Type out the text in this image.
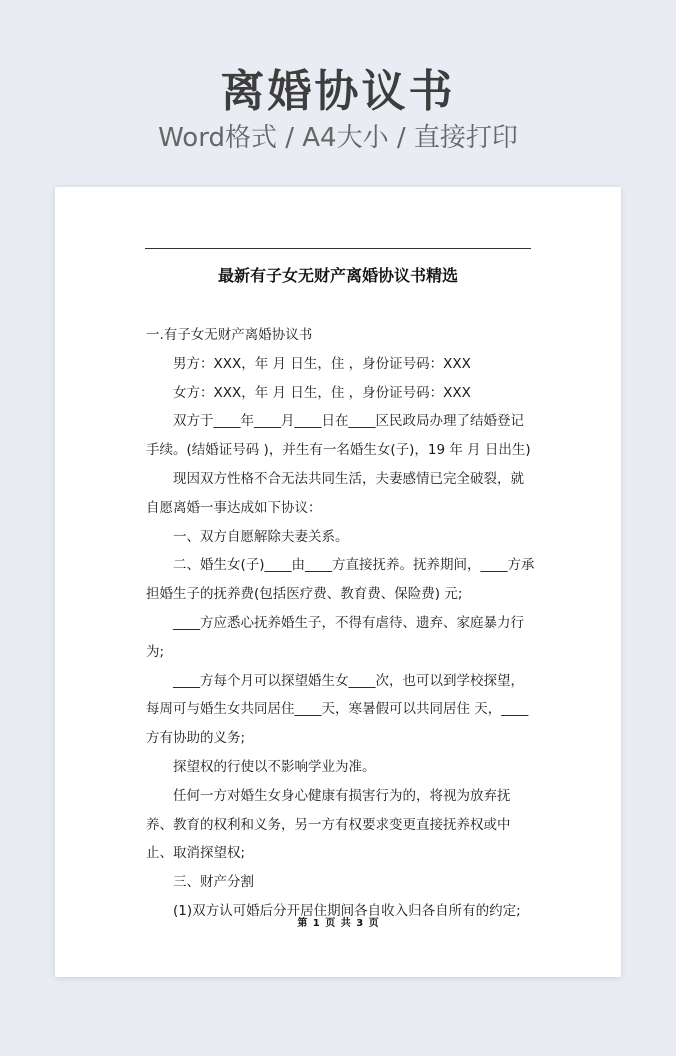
离婚协议书
Word格式 / A4大小 / 直接打印
最新有子女无财产离婚协议书精选

一.有子女无财产离婚协议书

男方：XXX，年 月 日生，住 ，身份证号码：XXX

女方：XXX，年 月 日生，住 ，身份证号码：XXX

双方于____年____月____日在____区民政局办理了结婚登记手续。(结婚证号码 )，并生有一名婚生女(子)，19 年 月 日出生)

现因双方性格不合无法共同生活，夫妻感情已完全破裂，就自愿离婚一事达成如下协议：

一、双方自愿解除夫妻关系。

二、婚生女(子)____由____方直接抚养。抚养期间，____方承担婚生子的抚养费(包括医疗费、教育费、保险费) 元;

____方应悉心抚养婚生子，不得有虐待、遗弃、家庭暴力行为;

____方每个月可以探望婚生女____次，也可以到学校探望，每周可与婚生女共同居住____天，寒暑假可以共同居住 天，____方有协助的义务;

探望权的行使以不影响学业为准。

任何一方对婚生女身心健康有损害行为的，将视为放弃抚养、教育的权利和义务，另一方有权要求变更直接抚养权或中止、取消探望权;

三、财产分割

(1)双方认可婚后分开居住期间各自收入归各自所有的约定;

第 1 页 共 3 页
